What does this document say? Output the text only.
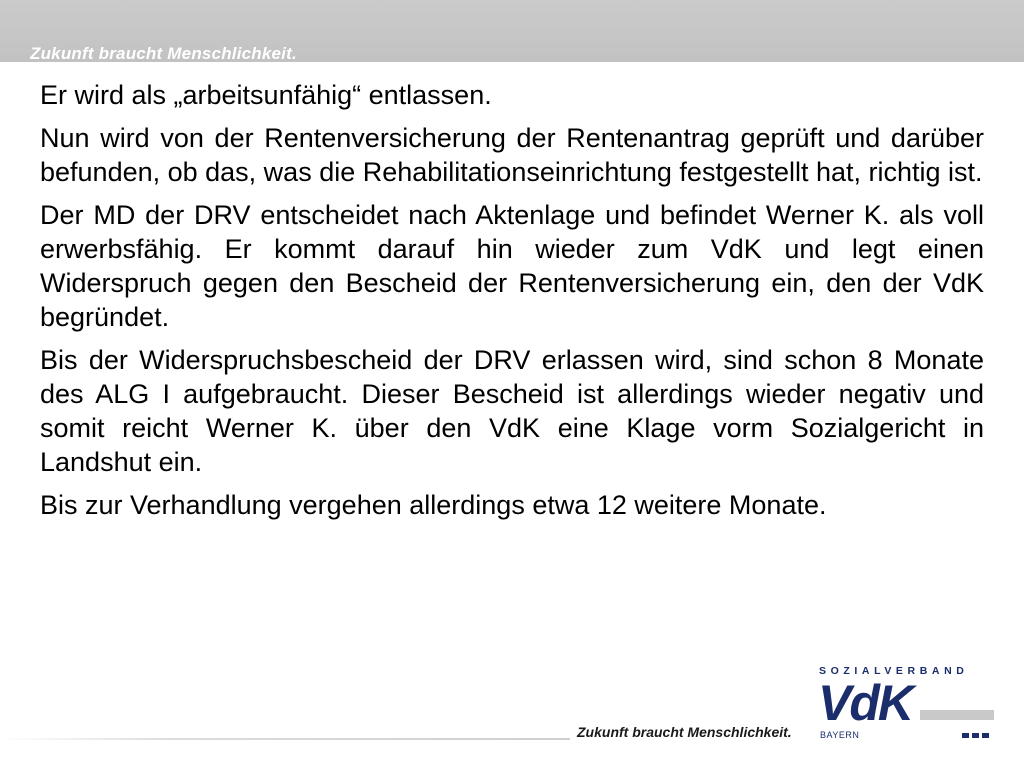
Zukunft braucht Menschlichkeit.

Er wird als „arbeitsunfähig“ entlassen.

Nun wird von der Rentenversicherung der Rentenantrag geprüft und darüber befunden, ob das, was die Rehabilitationseinrichtung festgestellt hat, richtig ist.

Der MD der DRV entscheidet nach Aktenlage und befindet Werner K. als voll erwerbsfähig. Er kommt darauf hin wieder zum VdK und legt einen Widerspruch gegen den Bescheid der Rentenversicherung ein, den der VdK begründet.

Bis der Widerspruchsbescheid der DRV erlassen wird, sind schon 8 Monate des ALG I aufgebraucht. Dieser Bescheid ist allerdings wieder negativ und somit reicht Werner K. über den VdK eine Klage vorm Sozialgericht in Landshut ein.

Bis zur Verhandlung vergehen allerdings etwa 12 weitere Monate.

Zukunft braucht Menschlichkeit.
SOZIALVERBAND
VdK
BAYERN
